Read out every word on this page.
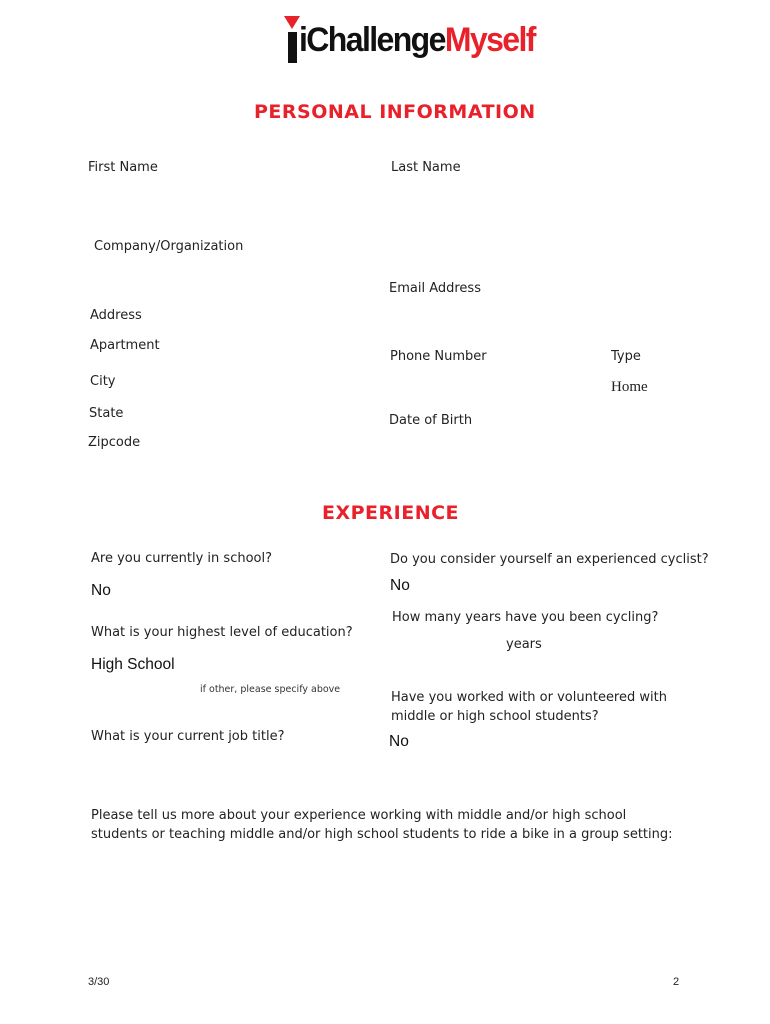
iChallengeMyself
PERSONAL INFORMATION
First Name	Last Name
Company/Organization
Email Address
Address
Apartment
Phone Number	Type
Home
City
State	Date of Birth
Zipcode
EXPERIENCE
Are you currently in school?
No
Do you consider yourself an experienced cyclist?
No
How many years have you been cycling?
years
What is your highest level of education?
High School
if other, please specify above
Have you worked with or volunteered with
middle or high school students?
No
What is your current job title?
Please tell us more about your experience working with middle and/or high school students or teaching middle and/or high school students to ride a bike in a group setting:
3/30	2
